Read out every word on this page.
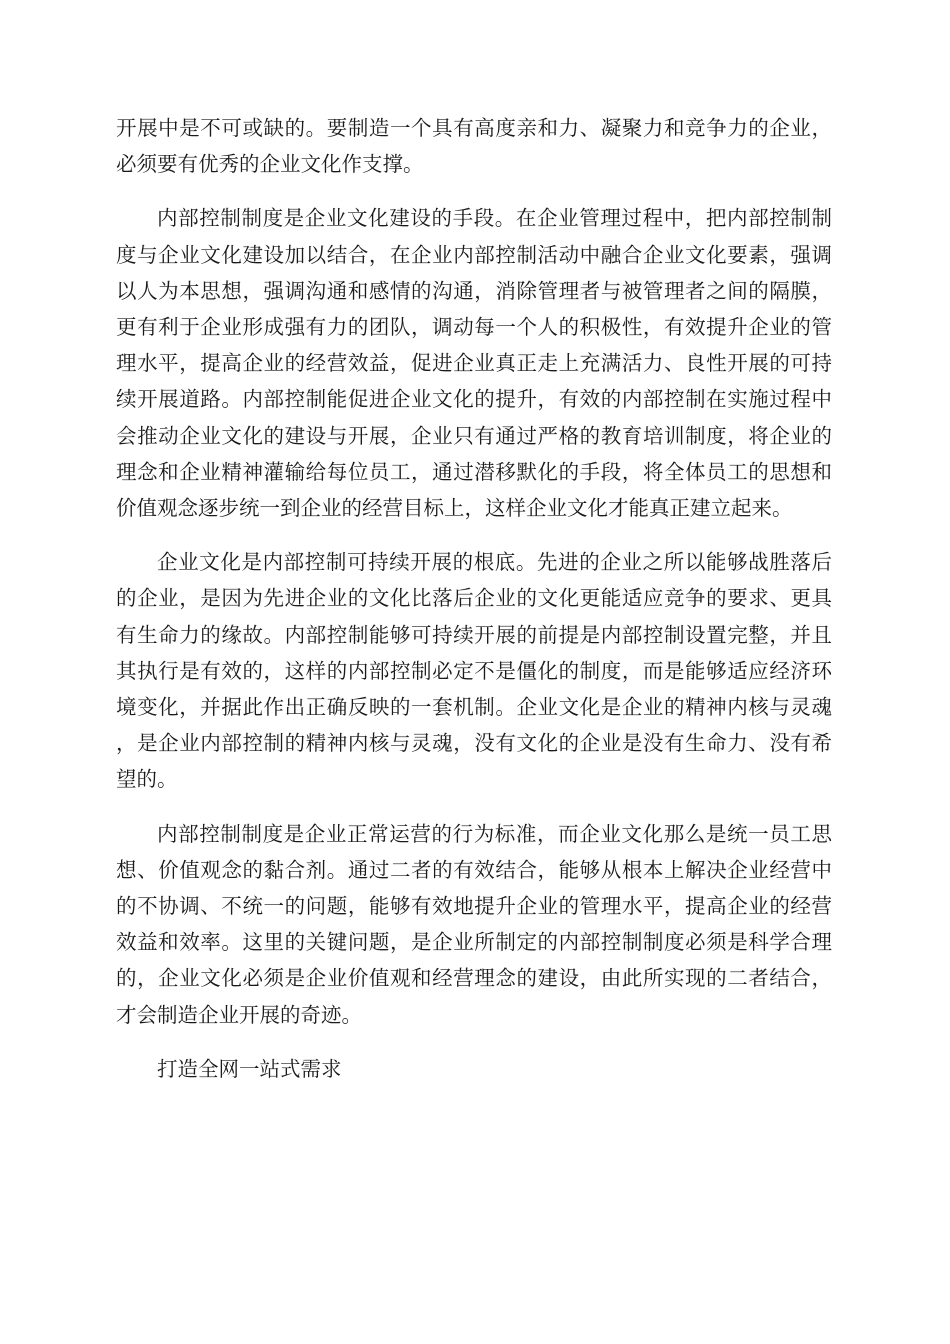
开展中是不可或缺的。要制造一个具有高度亲和力、凝聚力和竞争力的企业，必须要有优秀的企业文化作支撑。

内部控制制度是企业文化建设的手段。在企业管理过程中，把内部控制制度与企业文化建设加以结合，在企业内部控制活动中融合企业文化要素，强调以人为本思想，强调沟通和感情的沟通，消除管理者与被管理者之间的隔膜，更有利于企业形成强有力的团队，调动每一个人的积极性，有效提升企业的管理水平，提高企业的经营效益，促进企业真正走上充满活力、良性开展的可持续开展道路。内部控制能促进企业文化的提升，有效的内部控制在实施过程中会推动企业文化的建设与开展，企业只有通过严格的教育培训制度，将企业的理念和企业精神灌输给每位员工，通过潜移默化的手段，将全体员工的思想和价值观念逐步统一到企业的经营目标上，这样企业文化才能真正建立起来。

企业文化是内部控制可持续开展的根底。先进的企业之所以能够战胜落后的企业，是因为先进企业的文化比落后企业的文化更能适应竞争的要求、更具有生命力的缘故。内部控制能够可持续开展的前提是内部控制设置完整，并且其执行是有效的，这样的内部控制必定不是僵化的制度，而是能够适应经济环境变化，并据此作出正确反映的一套机制。企业文化是企业的精神内核与灵魂，是企业内部控制的精神内核与灵魂，没有文化的企业是没有生命力、没有希望的。

内部控制制度是企业正常运营的行为标准，而企业文化那么是统一员工思想、价值观念的黏合剂。通过二者的有效结合，能够从根本上解决企业经营中的不协调、不统一的问题，能够有效地提升企业的管理水平，提高企业的经营效益和效率。这里的关键问题，是企业所制定的内部控制制度必须是科学合理的，企业文化必须是企业价值观和经营理念的建设，由此所实现的二者结合，才会制造企业开展的奇迹。

打造全网一站式需求
